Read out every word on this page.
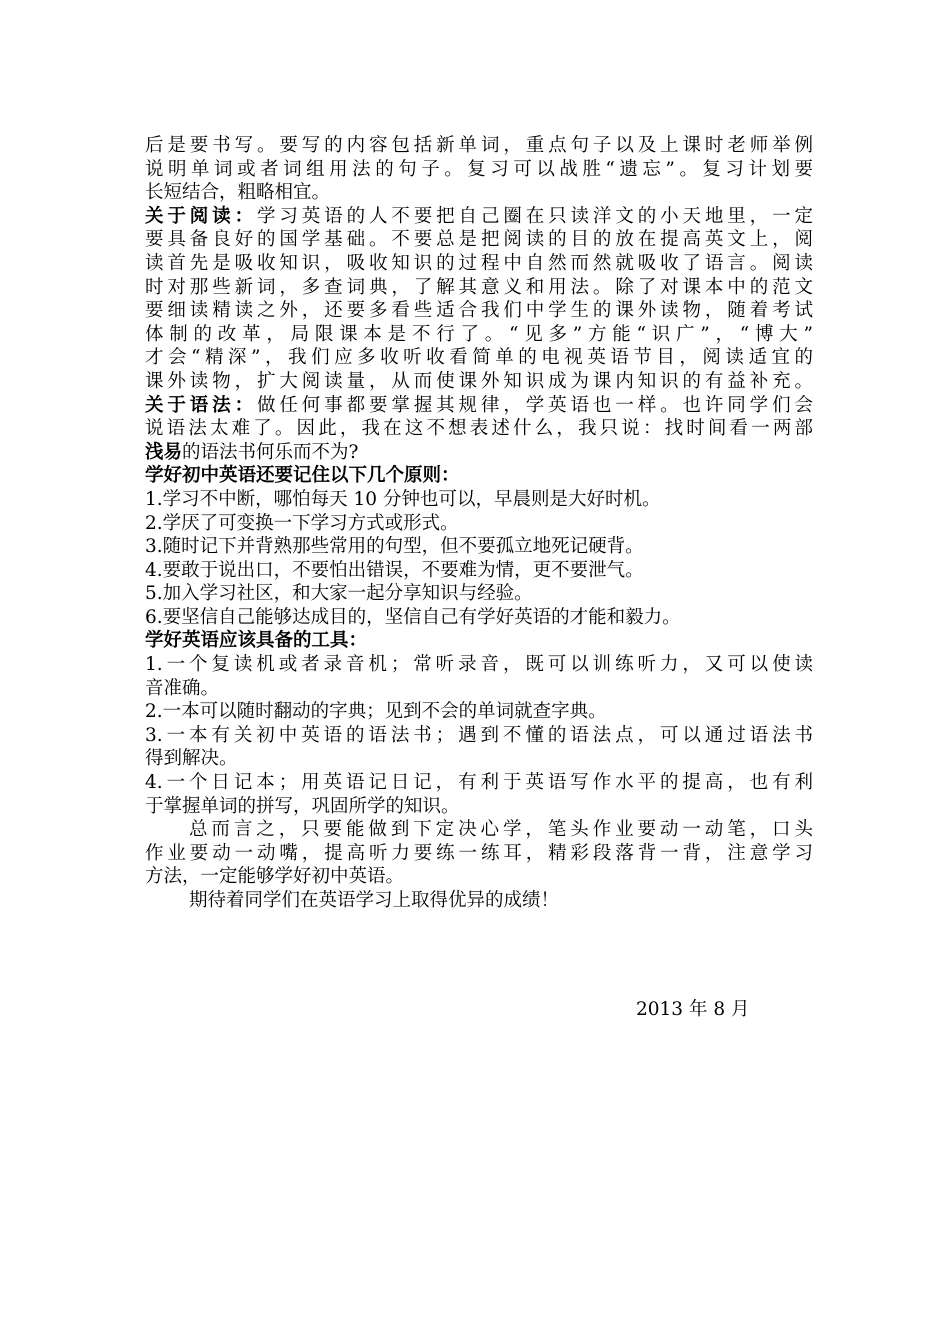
后是要书写。要写的内容包括新单词，重点句子以及上课时老师举例
说明单词或者词组用法的句子。复习可以战胜“遗忘”。复习计划要
长短结合，粗略相宜。
关于阅读：学习英语的人不要把自己圈在只读洋文的小天地里，一定
要具备良好的国学基础。不要总是把阅读的目的放在提高英文上，阅
读首先是吸收知识，吸收知识的过程中自然而然就吸收了语言。阅读
时对那些新词，多查词典，了解其意义和用法。除了对课本中的范文
要细读精读之外，还要多看些适合我们中学生的课外读物，随着考试
体制的改革，局限课本是不行了。“见多”方能“识广”，“博大”
才会“精深”，我们应多收听收看简单的电视英语节目，阅读适宜的
课外读物，扩大阅读量，从而使课外知识成为课内知识的有益补充。
关于语法：做任何事都要掌握其规律，学英语也一样。也许同学们会
说语法太难了。因此，我在这不想表述什么，我只说：找时间看一两部
浅易的语法书何乐而不为?
学好初中英语还要记住以下几个原则：
1.学习不中断，哪怕每天 10 分钟也可以，早晨则是大好时机。
2.学厌了可变换一下学习方式或形式。
3.随时记下并背熟那些常用的句型，但不要孤立地死记硬背。
4.要敢于说出口，不要怕出错误，不要难为情，更不要泄气。
5.加入学习社区，和大家一起分享知识与经验。
6.要坚信自己能够达成目的，坚信自己有学好英语的才能和毅力。
学好英语应该具备的工具：
1.一个复读机或者录音机；常听录音，既可以训练听力，又可以使读
音准确。
2.一本可以随时翻动的字典；见到不会的单词就查字典。
3.一本有关初中英语的语法书；遇到不懂的语法点，可以通过语法书
得到解决。
4.一个日记本；用英语记日记，有利于英语写作水平的提高，也有利
于掌握单词的拼写，巩固所学的知识。
总而言之，只要能做到下定决心学，笔头作业要动一动笔，口头
作业要动一动嘴，提高听力要练一练耳，精彩段落背一背，注意学习
方法，一定能够学好初中英语。
期待着同学们在英语学习上取得优异的成绩！
2013 年 8 月
